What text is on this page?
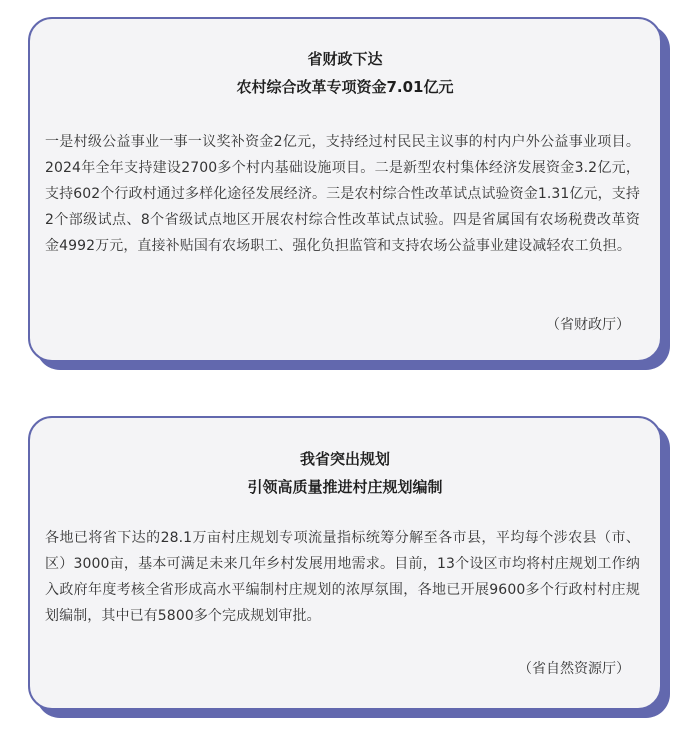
省财政下达
农村综合改革专项资金7.01亿元
一是村级公益事业一事一议奖补资金2亿元，支持经过村民民主议事的村内户外公益事业项目。2024年全年支持建设2700多个村内基础设施项目。二是新型农村集体经济发展资金3.2亿元，支持602个行政村通过多样化途径发展经济。三是农村综合性改革试点试验资金1.31亿元，支持2个部级试点、8个省级试点地区开展农村综合性改革试点试验。四是省属国有农场税费改革资金4992万元，直接补贴国有农场职工、强化负担监管和支持农场公益事业建设减轻农工负担。
（省财政厅）
我省突出规划
引领高质量推进村庄规划编制
各地已将省下达的28.1万亩村庄规划专项流量指标统筹分解至各市县，平均每个涉农县（市、区）3000亩，基本可满足未来几年乡村发展用地需求。目前，13个设区市均将村庄规划工作纳入政府年度考核全省形成高水平编制村庄规划的浓厚氛围，各地已开展9600多个行政村村庄规划编制，其中已有5800多个完成规划审批。
（省自然资源厅）
